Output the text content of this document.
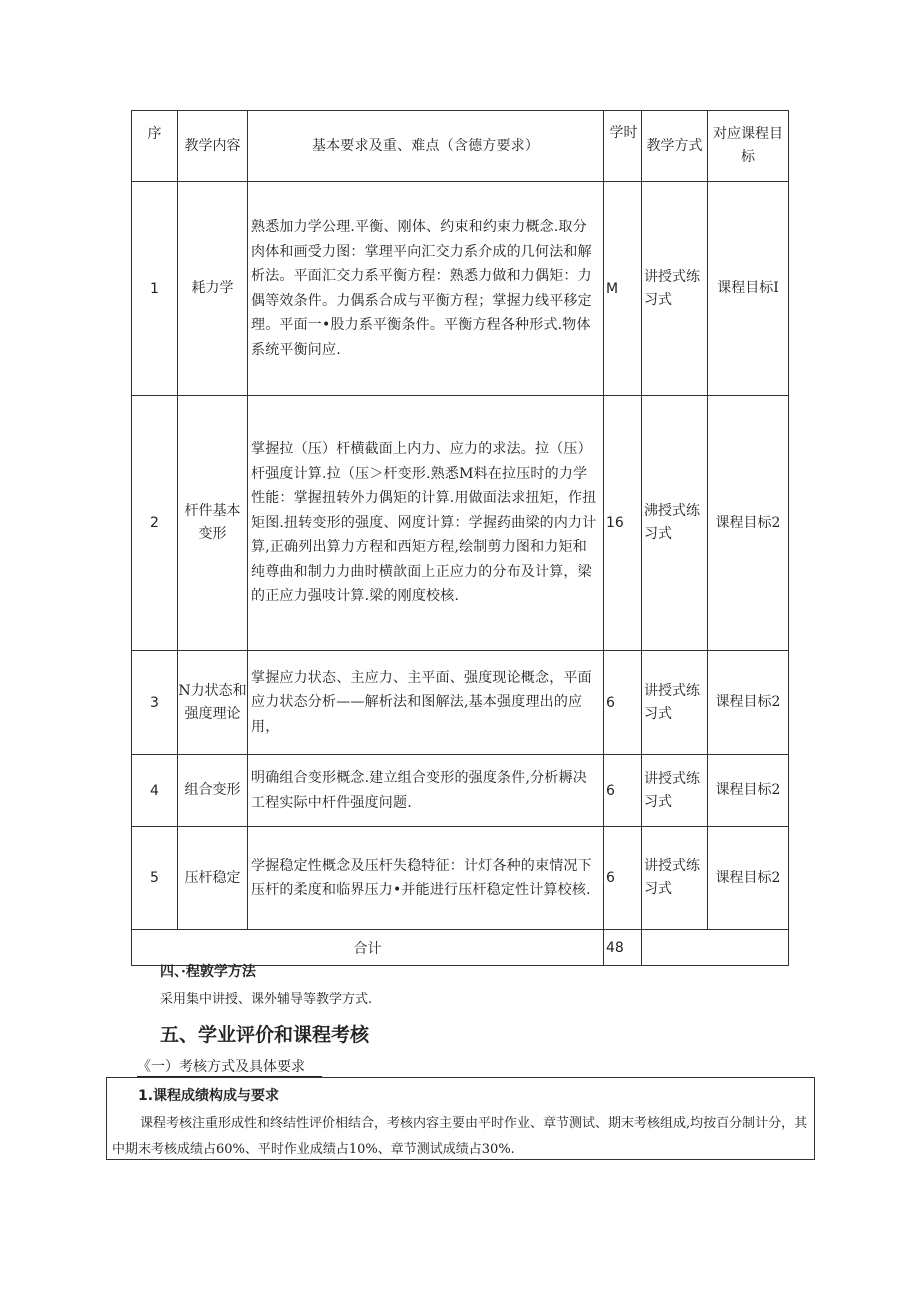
序	教学内容	基本要求及重、难点（含德方要求）	学时	教学方式	对应课程目标
1	耗力学	熟悉加力学公理.平衡、刚体、约束和约束力概念.取分肉体和画受力图：掌理平向汇交力系介成的几何法和解析法。平面汇交力系平衡方程：熟悉力做和力偶矩：力偶等效条件。力偶系合成与平衡方程；掌握力线平移定理。平面一•股力系平衡条件。平衡方程各种形式.物体系统平衡问应.	M	讲授式练习式	课程目标I
2	杆件基本变形	掌握拉（压）杆横截面上内力、应力的求法。拉（压）杆强度计算.拉（压＞杆变形.熟悉M料在拉压时的力学性能：掌握扭转外力偶矩的计算.用做面法求扭矩，作扭矩图.扭转变形的强度、网度计算：学握药曲梁的内力计算,正确列出算力方程和西矩方程,绘制剪力图和力矩和纯尊曲和制力力曲时横歆面上正应力的分布及计算，梁的正应力强吱计算.梁的刚度校核.	16	沸授式练习式	课程目标2
3	N力状态和强度理论	掌握应力状态、主应力、主平面、强度现论概念，平面应力状态分析——解析法和图解法,基本强度理出的应用，	6	讲授式练习式	课程目标2
4	组合变形	明确组合变形概念.建立组合变形的强度条件,分析耨决工程实际中杆件强度问题.	6	讲授式练习式	课程目标2
5	压杆稳定	学握稳定性概念及压杆失稳特征：计灯各种的束情况下压杆的柔度和临界压力•并能进行压杆稳定性计算校核.	6	讲授式练习式	课程目标2
合计			48		
四、·程敦学方法
采用集中讲授、课外辅导等教学方式.
五、学业评价和课程考核
《一）考核方式及具体要求
1.课程成绩构成与要求
课程考核注重形成性和终结性评价相结合，考核内容主要由平时作业、章节测试、期末考核组成,均按百分制计分，其中期末考核成绩占60%、平时作业成绩占10%、章节测试成绩占30%.
